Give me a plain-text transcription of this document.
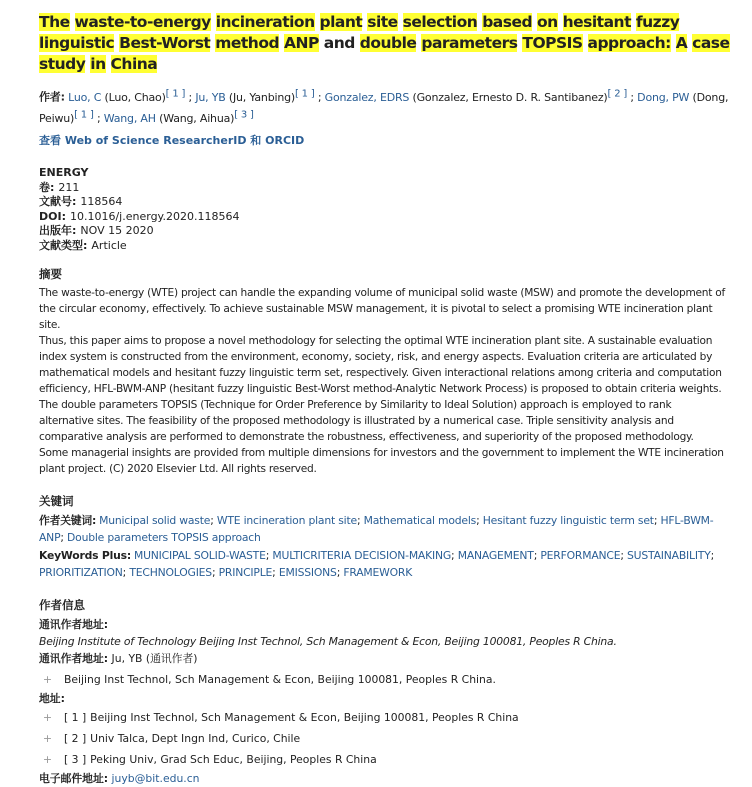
The waste-to-energy incineration plant site selection based on hesitant fuzzy linguistic Best-Worst method ANP and double parameters TOPSIS approach: A case study in China
作者: Luo, C (Luo, Chao)[ 1 ] ; Ju, YB (Ju, Yanbing)[ 1 ] ; Gonzalez, EDRS (Gonzalez, Ernesto D. R. Santibanez)[ 2 ] ; Dong, PW (Dong, Peiwu)[ 1 ] ; Wang, AH (Wang, Aihua)[ 3 ]
查看 Web of Science ResearcherID 和 ORCID
ENERGY
卷: 211
文献号: 118564
DOI: 10.1016/j.energy.2020.118564
出版年: NOV 15 2020
文献类型: Article
摘要
The waste-to-energy (WTE) project can handle the expanding volume of municipal solid waste (MSW) and promote the development of
the circular economy, effectively. To achieve sustainable MSW management, it is pivotal to select a promising WTE incineration plant site.
Thus, this paper aims to propose a novel methodology for selecting the optimal WTE incineration plant site. A sustainable evaluation
index system is constructed from the environment, economy, society, risk, and energy aspects. Evaluation criteria are articulated by
mathematical models and hesitant fuzzy linguistic term set, respectively. Given interactional relations among criteria and computation
efficiency, HFL-BWM-ANP (hesitant fuzzy linguistic Best-Worst method-Analytic Network Process) is proposed to obtain criteria weights.
The double parameters TOPSIS (Technique for Order Preference by Similarity to Ideal Solution) approach is employed to rank
alternative sites. The feasibility of the proposed methodology is illustrated by a numerical case. Triple sensitivity analysis and
comparative analysis are performed to demonstrate the robustness, effectiveness, and superiority of the proposed methodology.
Some managerial insights are provided from multiple dimensions for investors and the government to implement the WTE incineration
plant project. (C) 2020 Elsevier Ltd. All rights reserved.
关键词
作者关键词: Municipal solid waste; WTE incineration plant site; Mathematical models; Hesitant fuzzy linguistic term set; HFL-BWM-ANP; Double parameters TOPSIS approach
KeyWords Plus: MUNICIPAL SOLID-WASTE; MULTICRITERIA DECISION-MAKING; MANAGEMENT; PERFORMANCE; SUSTAINABILITY; PRIORITIZATION; TECHNOLOGIES; PRINCIPLE; EMISSIONS; FRAMEWORK
作者信息
通讯作者地址:
Beijing Institute of Technology Beijing Inst Technol, Sch Management & Econ, Beijing 100081, Peoples R China.
通讯作者地址: Ju, YB (通讯作者)
+ Beijing Inst Technol, Sch Management & Econ, Beijing 100081, Peoples R China.
地址:
+ [ 1 ] Beijing Inst Technol, Sch Management & Econ, Beijing 100081, Peoples R China
+ [ 2 ] Univ Talca, Dept Ingn Ind, Curico, Chile
+ [ 3 ] Peking Univ, Grad Sch Educ, Beijing, Peoples R China
电子邮件地址: juyb@bit.edu.cn
